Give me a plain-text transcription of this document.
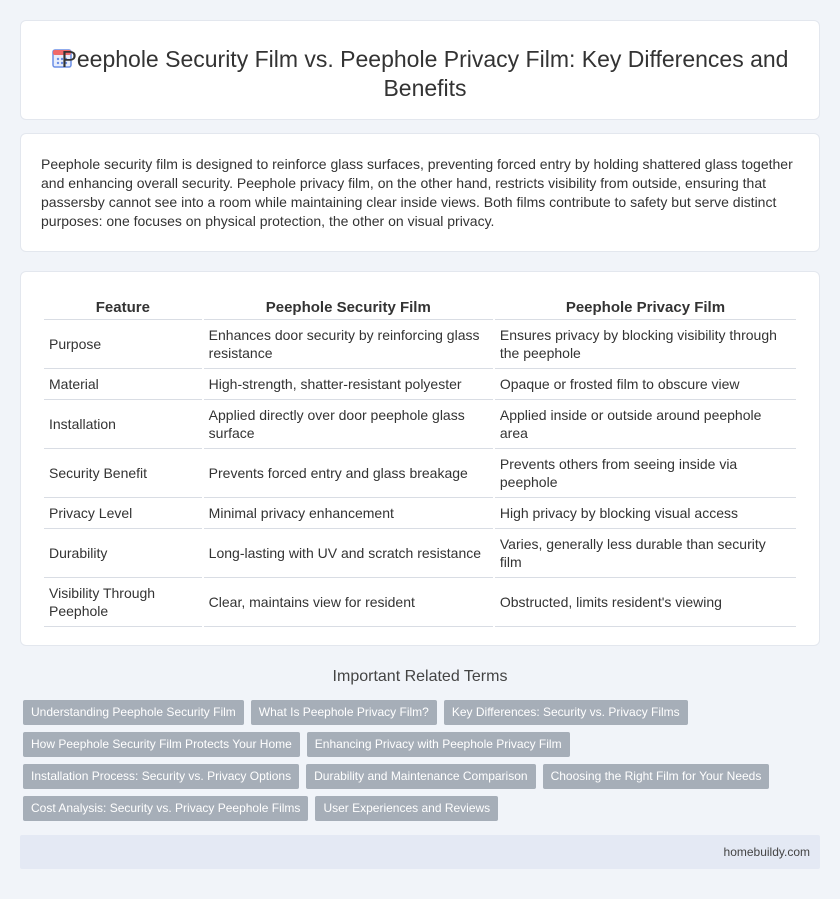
Peephole Security Film vs. Peephole Privacy Film: Key Differences and Benefits

Peephole security film is designed to reinforce glass surfaces, preventing forced entry by holding shattered glass together and enhancing overall security. Peephole privacy film, on the other hand, restricts visibility from outside, ensuring that passersby cannot see into a room while maintaining clear inside views. Both films contribute to safety but serve distinct purposes: one focuses on physical protection, the other on visual privacy.

Feature	Peephole Security Film	Peephole Privacy Film
Purpose	Enhances door security by reinforcing glass resistance	Ensures privacy by blocking visibility through the peephole
Material	High-strength, shatter-resistant polyester	Opaque or frosted film to obscure view
Installation	Applied directly over door peephole glass surface	Applied inside or outside around peephole area
Security Benefit	Prevents forced entry and glass breakage	Prevents others from seeing inside via peephole
Privacy Level	Minimal privacy enhancement	High privacy by blocking visual access
Durability	Long-lasting with UV and scratch resistance	Varies, generally less durable than security film
Visibility Through Peephole	Clear, maintains view for resident	Obstructed, limits resident's viewing
Important Related Terms
Understanding Peephole Security Film	What Is Peephole Privacy Film?	Key Differences: Security vs. Privacy Films
How Peephole Security Film Protects Your Home	Enhancing Privacy with Peephole Privacy Film
Installation Process: Security vs. Privacy Options	Durability and Maintenance Comparison	Choosing the Right Film for Your Needs
Cost Analysis: Security vs. Privacy Peephole Films	User Experiences and Reviews
homebuildy.com
